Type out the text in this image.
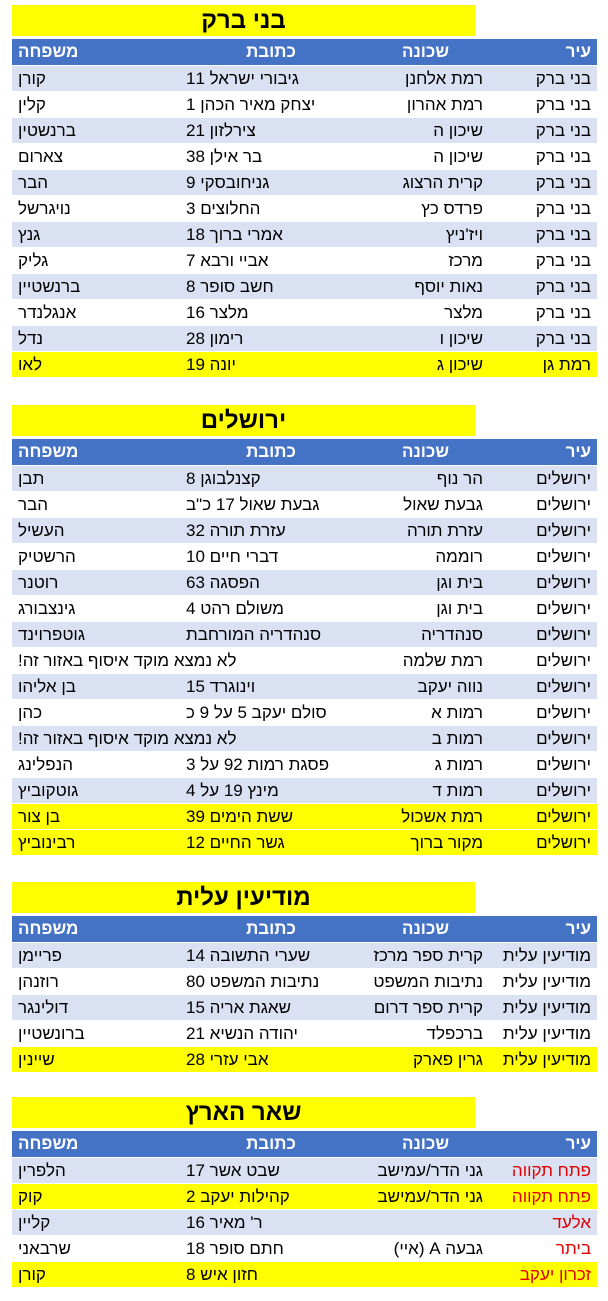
בני ברק
עיר	שכונה	כתובת	משפחה
בני ברק	רמת אלחנן	גיבורי ישראל 11	קורן
בני ברק	רמת אהרון	יצחק מאיר הכהן 1	קלין
בני ברק	שיכון ה	צירלזון 21	ברנשטין
בני ברק	שיכון ה	בר אילן 38	צארום
בני ברק	קרית הרצוג	גניחובסקי 9	הבר
בני ברק	פרדס כץ	החלוצים 3	נויגרשל
בני ברק	ויז'ניץ	אמרי ברוך 18	גנץ
בני ברק	מרכז	אביי ורבא 7	גליק
בני ברק	נאות יוסף	חשב סופר 8	ברנשטיין
בני ברק	מלצר	מלצר 16	אנגלנדר
בני ברק	שיכון ו	רימון 28	נדל
רמת גן	שיכון ג	יונה 19	לאו
ירושלים
עיר	שכונה	כתובת	משפחה
ירושלים	הר נוף	קצנלבוגן 8	תבן
ירושלים	גבעת שאול	גבעת שאול 17 כ"ב	הבר
ירושלים	עזרת תורה	עזרת תורה 32	העשיל
ירושלים	רוממה	דברי חיים 10	הרשטיק
ירושלים	בית וגן	הפסגה 63	רוטנר
ירושלים	בית וגן	משולם רהט 4	גינצבורג
ירושלים	סנהדריה	סנהדריה המורחבת	גוטפרוינד
ירושלים	רמת שלמה	לא נמצא מוקד איסוף באזור זה!	
ירושלים	נווה יעקב	וינוגרד 15	בן אליהו
ירושלים	רמות א	סולם יעקב 5 על 9 כ	כהן
ירושלים	רמות ב	לא נמצא מוקד איסוף באזור זה!	
ירושלים	רמות ג	פסגת רמות 92 על 3	הנפלינג
ירושלים	רמות ד	מינץ 19 על 4	גוטקוביץ
ירושלים	רמת אשכול	ששת הימים 39	בן צור
ירושלים	מקור ברוך	גשר החיים 12	רבינוביץ
מודיעין עלית
עיר	שכונה	כתובת	משפחה
מודיעין עלית	קרית ספר מרכז	שערי התשובה 14	פריימן
מודיעין עלית	נתיבות המשפט	נתיבות המשפט 80	רוזנהן
מודיעין עלית	קרית ספר דרום	שאגת אריה 15	דולינגר
מודיעין עלית	ברכפלד	יהודה הנשיא 21	ברונשטיין
מודיעין עלית	גרין פארק	אבי עזרי 28	שיינין
שאר הארץ
עיר	שכונה	כתובת	משפחה
פתח תקווה	גני הדר/עמישב	שבט אשר 17	הלפרין
פתח תקווה	גני הדר/עמישב	קהילות יעקב 2	קוק
אלעד		ר' מאיר 16	קליין
ביתר	גבעה A (איי)	חתם סופר 18	שרבאני
זכרון יעקב		חזון איש 8	קורן
